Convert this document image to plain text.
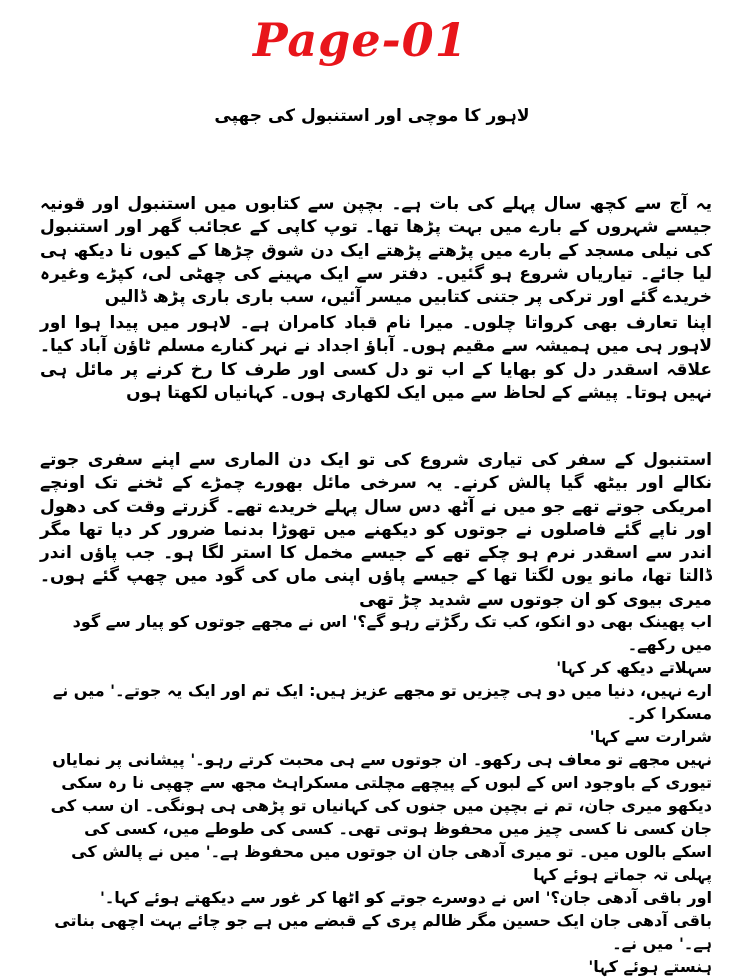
Page-01
لاہور کا موچی اور استنبول کی جھپی

یہ آج سے کچھ سال پہلے کی بات ہے۔ بچپن سے کتابوں میں استنبول اور قونیہ جیسے شہروں کے بارے میں بہت پڑھا تھا۔ توپ کاپی کے عجائب گھر اور استنبول کی نیلی مسجد کے بارے میں پڑھتے پڑھتے ایک دن شوق چڑھا کے کیوں نا دیکھ ہی لیا جائے۔ تیاریاں شروع ہو گئیں۔ دفتر سے ایک مہینے کی چھٹی لی، کپڑے وغیرہ خریدے گئے اور ترکی پر جتنی کتابیں میسر آئیں، سب باری باری پڑھ ڈالیں

اپنا تعارف بھی کرواتا چلوں۔ میرا نام قباد کامران ہے۔ لاہور میں پیدا ہوا اور لاہور ہی میں ہمیشہ سے مقیم ہوں۔ آباؤ اجداد نے نہر کنارے مسلم ٹاؤن آباد کیا۔ علاقہ اسقدر دل کو بھایا کے اب تو دل کسی اور طرف کا رخ کرنے پر مائل ہی نہیں ہوتا۔ پیشے کے لحاظ سے میں ایک لکھاری ہوں۔ کہانیاں لکھتا ہوں

استنبول کے سفر کی تیاری شروع کی تو ایک دن الماری سے اپنے سفری جوتے نکالے اور بیٹھ گیا پالش کرنے۔ یہ سرخی مائل بھورے چمڑے کے ٹخنے تک اونچے امریکی جوتے تھے جو میں نے آٹھ دس سال پہلے خریدے تھے۔ گزرتے وقت کی دھول اور ناپے گئے فاصلوں نے جوتوں کو دیکھنے میں تھوڑا بدنما ضرور کر دیا تھا مگر اندر سے اسقدر نرم ہو چکے تھے کے جیسے مخمل کا استر لگا ہو۔ جب پاؤں اندر ڈالتا تھا، مانو یوں لگتا تھا کے جیسے پاؤں اپنی ماں کی گود میں چھپ گئے ہوں۔ میری بیوی کو ان جوتوں سے شدید چڑ تھی

اب پھینک بھی دو انکو، کب تک رگڑتے رہو گے؟' اس نے مجھے جوتوں کو پیار سے گود میں رکھے۔

سہلاتے دیکھ کر کہا'

ارے نہیں، دنیا میں دو ہی چیزیں تو مجھے عزیز ہیں: ایک تم اور ایک یہ جوتے۔' میں نے مسکرا کر۔

شرارت سے کہا'

نہیں مجھے تو معاف ہی رکھو۔ ان جوتوں سے ہی محبت کرتے رہو۔' پیشانی پر نمایاں تیوری کے باوجود اس کے لبوں کے پیچھے مچلتی مسکراہٹ مجھ سے چھپی نا رہ سکی

دیکھو میری جان، تم نے بچپن میں جنوں کی کہانیاں تو پڑھی ہی ہونگی۔ ان سب کی جان کسی نا کسی چیز میں محفوظ ہوتی تھی۔ کسی کی طوطے میں، کسی کی اسکے بالوں میں۔ تو میری آدھی جان ان جوتوں میں محفوظ ہے۔' میں نے پالش کی پہلی تہ جماتے ہوئے کہا

اور باقی آدھی جان؟' اس نے دوسرے جوتے کو اٹھا کر غور سے دیکھتے ہوئے کہا۔'

باقی آدھی جان ایک حسین مگر ظالم پری کے قبضے میں ہے جو چائے بہت اچھی بناتی ہے۔' میں نے۔

ہنستے ہوئے کہا'
